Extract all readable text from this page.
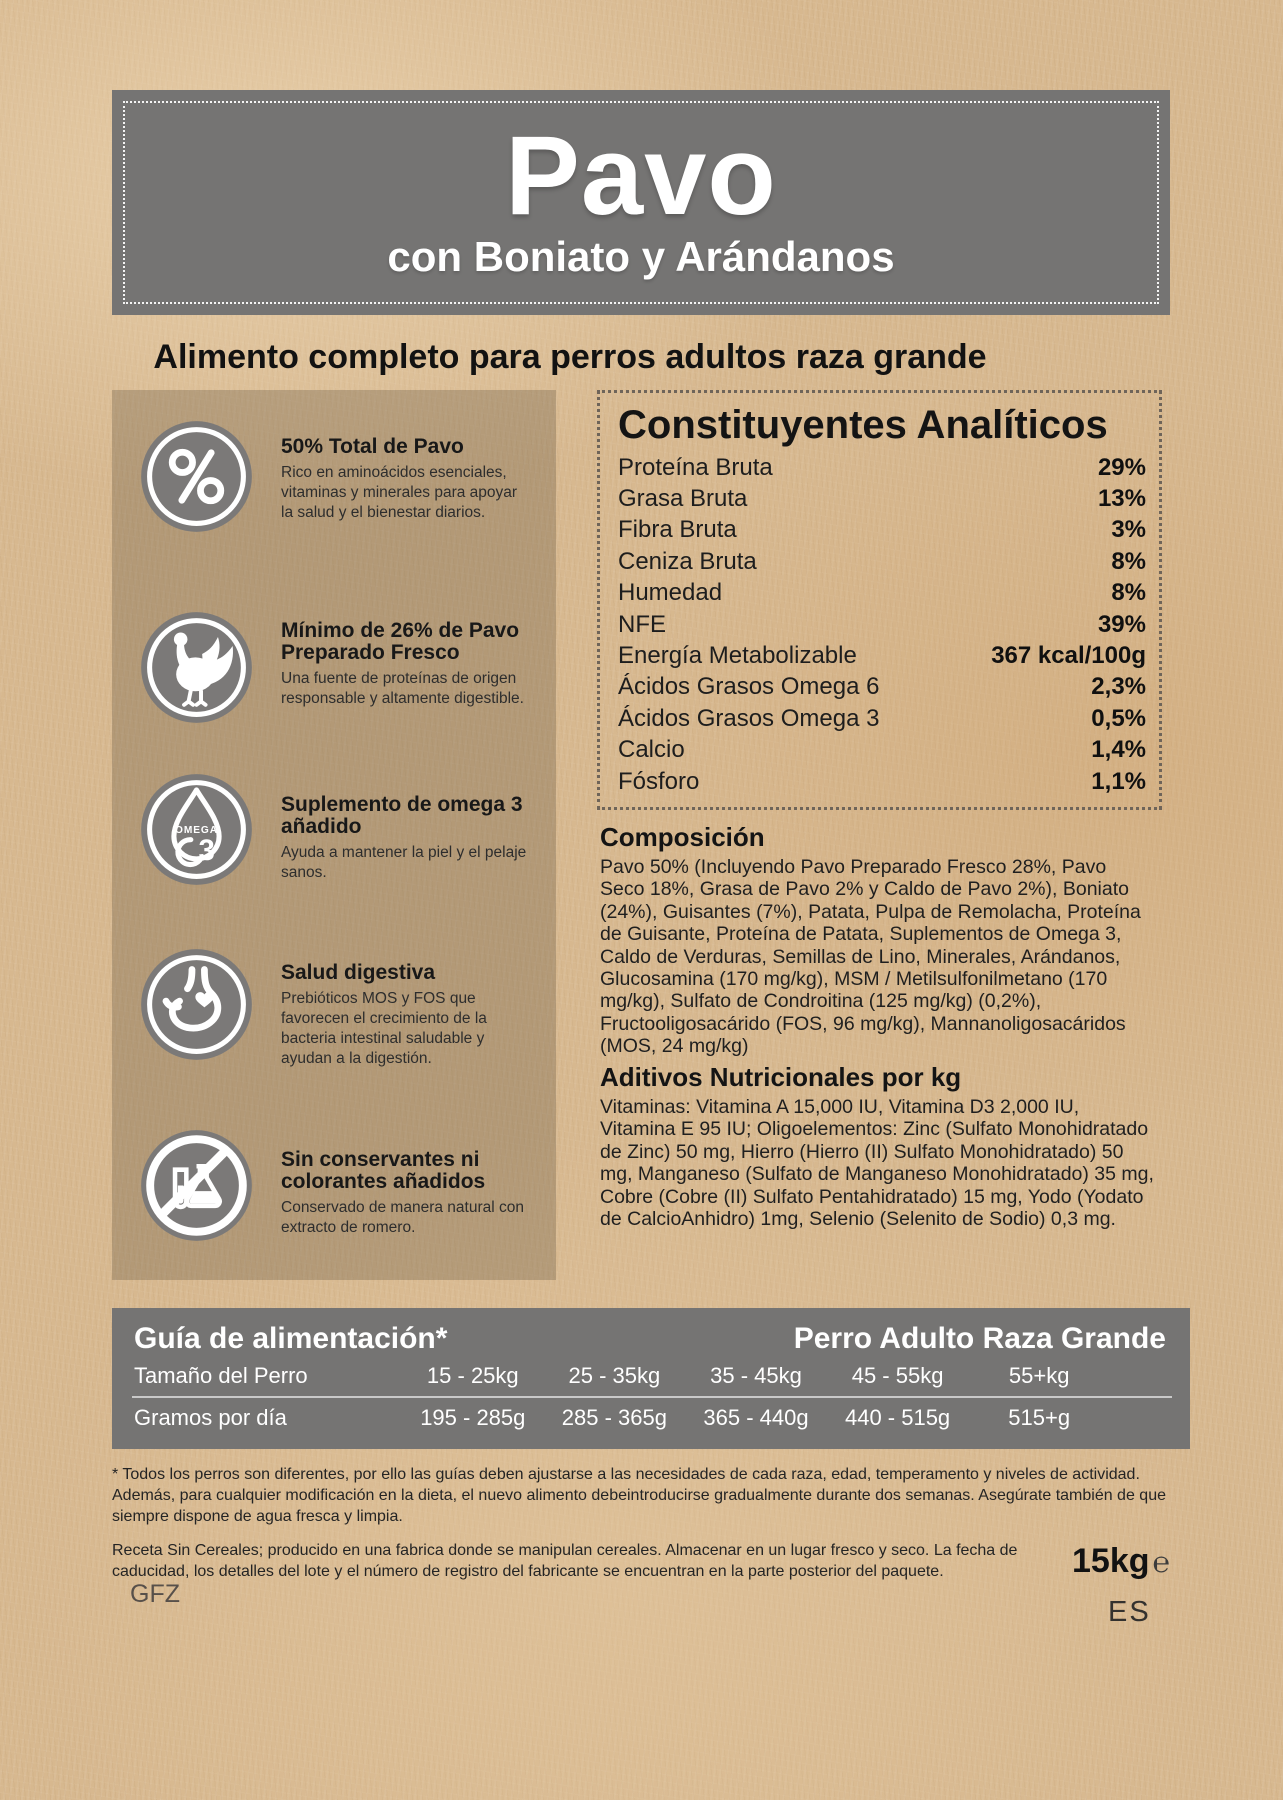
Pavo
con Boniato y Arándanos
Alimento completo para perros adultos raza grande
50% Total de Pavo

Rico en aminoácidos esenciales, vitaminas y minerales para apoyar la salud y el bienestar diarios.

Mínimo de 26% de Pavo Preparado Fresco

Una fuente de proteínas de origen responsable y altamente digestible.

OMEGA
3
Suplemento de omega 3 añadido

Ayuda a mantener la piel y el pelaje sanos.

Salud digestiva

Prebióticos MOS y FOS que favorecen el crecimiento de la bacteria intestinal saludable y ayudan a la digestión.

Sin conservantes ni colorantes añadidos

Conservado de manera natural con extracto de romero.

Constituyentes Analíticos
Proteína Bruta	29%
Grasa Bruta	13%
Fibra Bruta	3%
Ceniza Bruta	8%
Humedad	8%
NFE	39%
Energía Metabolizable	367 kcal/100g
Ácidos Grasos Omega 6	2,3%
Ácidos Grasos Omega 3	0,5%
Calcio	1,4%
Fósforo	1,1%
Composición

Pavo 50% (Incluyendo Pavo Preparado Fresco 28%, Pavo Seco 18%, Grasa de Pavo 2% y Caldo de Pavo 2%), Boniato (24%), Guisantes (7%), Patata, Pulpa de Remolacha, Proteína de Guisante, Proteína de Patata, Suplementos de Omega 3, Caldo de Verduras, Semillas de Lino, Minerales, Arándanos, Glucosamina (170 mg/kg), MSM / Metilsulfonilmetano (170 mg/kg), Sulfato de Condroitina (125 mg/kg) (0,2%), Fructooligosacárido (FOS, 96 mg/kg), Mannanoligosacáridos (MOS, 24 mg/kg)

Aditivos Nutricionales por kg

Vitaminas: Vitamina A 15,000 IU, Vitamina D3 2,000 IU, Vitamina E 95 IU; Oligoelementos: Zinc (Sulfato Monohidratado de Zinc) 50 mg, Hierro (Hierro (II) Sulfato Monohidratado) 50 mg, Manganeso (Sulfato de Manganeso Monohidratado) 35 mg, Cobre (Cobre (II) Sulfato Pentahidratado) 15 mg, Yodo (Yodato de CalcioAnhidro) 1mg, Selenio (Selenito de Sodio) 0,3 mg.

Guía de alimentación*	Perro Adulto Raza Grande
Tamaño del Perro	15 - 25kg	25 - 35kg	35 - 45kg	45 - 55kg	55+kg
Gramos por día	195 - 285g	285 - 365g	365 - 440g	440 - 515g	515+g
* Todos los perros son diferentes, por ello las guías deben ajustarse a las necesidades de cada raza, edad, temperamento y niveles de actividad. Además, para cualquier modificación en la dieta, el nuevo alimento debeintroducirse gradualmente durante dos semanas. Asegúrate también de que siempre dispone de agua fresca y limpia.
Receta Sin Cereales; producido en una fabrica donde se manipulan cereales. Almacenar en un lugar fresco y seco. La fecha de caducidad, los detalles del lote y el número de registro del fabricante se encuentran en la parte posterior del paquete.
GFZ
15kg ℮
ES
